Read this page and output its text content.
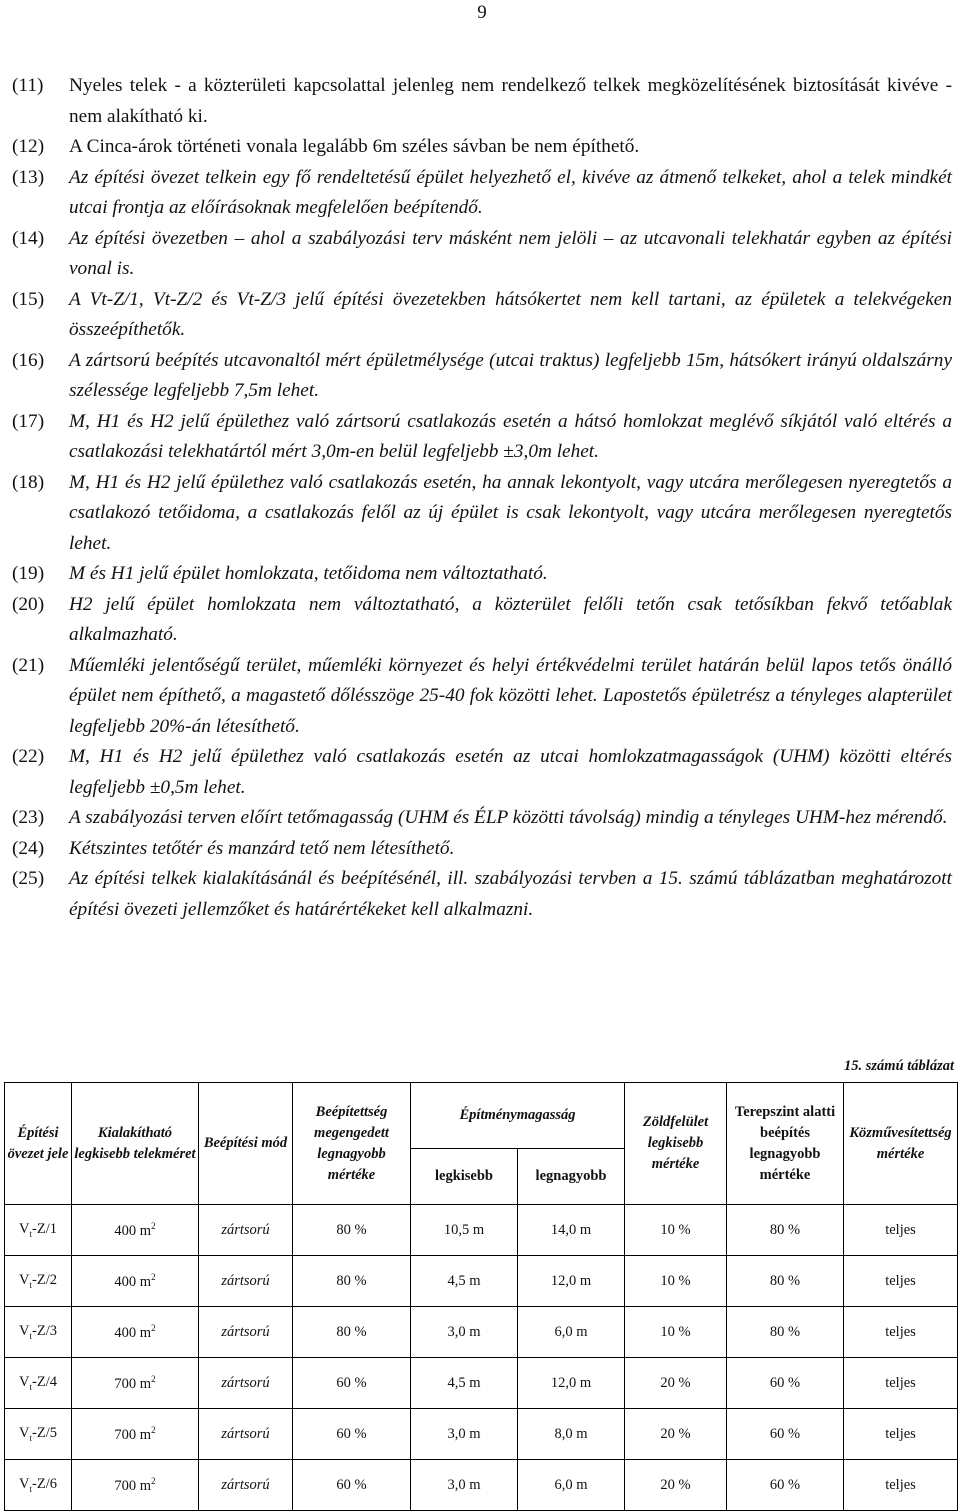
9
(11)	Nyeles telek - a közterületi kapcsolattal jelenleg nem rendelkező telkek megközelítésének biztosítását kivéve - nem alakítható ki.
(12)	A Cinca-árok történeti vonala legalább 6m széles sávban be nem építhető.
(13)	Az építési övezet telkein egy fő rendeltetésű épület helyezhető el, kivéve az átmenő telkeket, ahol a telek mindkét utcai frontja az előírásoknak megfelelően beépítendő.
(14)	Az építési övezetben – ahol a szabályozási terv másként nem jelöli – az utcavonali telekhatár egyben az építési vonal is.
(15)	A Vt-Z/1, Vt-Z/2 és Vt-Z/3 jelű építési övezetekben hátsókertet nem kell tartani, az épületek a telekvégeken összeépíthetők.
(16)	A zártsorú beépítés utcavonaltól mért épületmélysége (utcai traktus) legfeljebb 15m, hátsókert irányú oldalszárny szélessége legfeljebb 7,5m lehet.
(17)	M, H1 és H2 jelű épülethez való zártsorú csatlakozás esetén a hátsó homlokzat meglévő síkjától való eltérés a csatlakozási telekhatártól mért 3,0m-en belül legfeljebb ±3,0m lehet.
(18)	M, H1 és H2 jelű épülethez való csatlakozás esetén, ha annak lekontyolt, vagy utcára merőlegesen nyeregtetős a csatlakozó tetőidoma, a csatlakozás felől az új épület is csak lekontyolt, vagy utcára merőlegesen nyeregtetős lehet.
(19)	M és H1 jelű épület homlokzata, tetőidoma nem változtatható.
(20)	H2 jelű épület homlokzata nem változtatható, a közterület felőli tetőn csak tetősíkban fekvő tetőablak alkalmazható.
(21)	Műemléki jelentőségű terület, műemléki környezet és helyi értékvédelmi terület határán belül lapos tetős önálló épület nem építhető, a magastető dőlésszöge 25-40 fok közötti lehet. Lapostetős épületrész a tényleges alapterület legfeljebb 20%-án létesíthető.
(22)	M, H1 és H2 jelű épülethez való csatlakozás esetén az utcai homlokzatmagasságok (UHM) közötti eltérés legfeljebb ±0,5m lehet.
(23)	A szabályozási terven előírt tetőmagasság (UHM és ÉLP közötti távolság) mindig a tényleges UHM-hez mérendő.
(24)	Kétszintes tetőtér és manzárd tető nem létesíthető.
(25)	Az építési telkek kialakításánál és beépítésénél, ill. szabályozási tervben a 15. számú táblázatban meghatározott építési övezeti jellemzőket és határértékeket kell alkalmazni.
15. számú táblázat
Építési övezet jele	Kialakítható legkisebb telekméret	Beépítési mód	Beépítettség megengedett legnagyobb mértéke	Építménymagasság		Zöldfelület legkisebb mértéke	Terepszint alatti beépítés legnagyobb mértéke	Közművesítettség mértéke
				legkisebb	legnagyobb			
$V_t-Z/1$	400 $m^2$	zártsorú	80 %	10,5 m	14,0 m	10 %	80 %	teljes
$V_t-Z/2$	400 $m^2$	zártsorú	80 %	4,5 m	12,0 m	10 %	80 %	teljes
$V_t-Z/3$	400 $m^2$	zártsorú	80 %	3,0 m	6,0 m	10 %	80 %	teljes
$V_t-Z/4$	700 $m^2$	zártsorú	60 %	4,5 m	12,0 m	20 %	60 %	teljes
$V_t-Z/5$	700 $m^2$	zártsorú	60 %	3,0 m	8,0 m	20 %	60 %	teljes
$V_t-Z/6$	700 $m^2$	zártsorú	60 %	3,0 m	6,0 m	20 %	60 %	teljes
